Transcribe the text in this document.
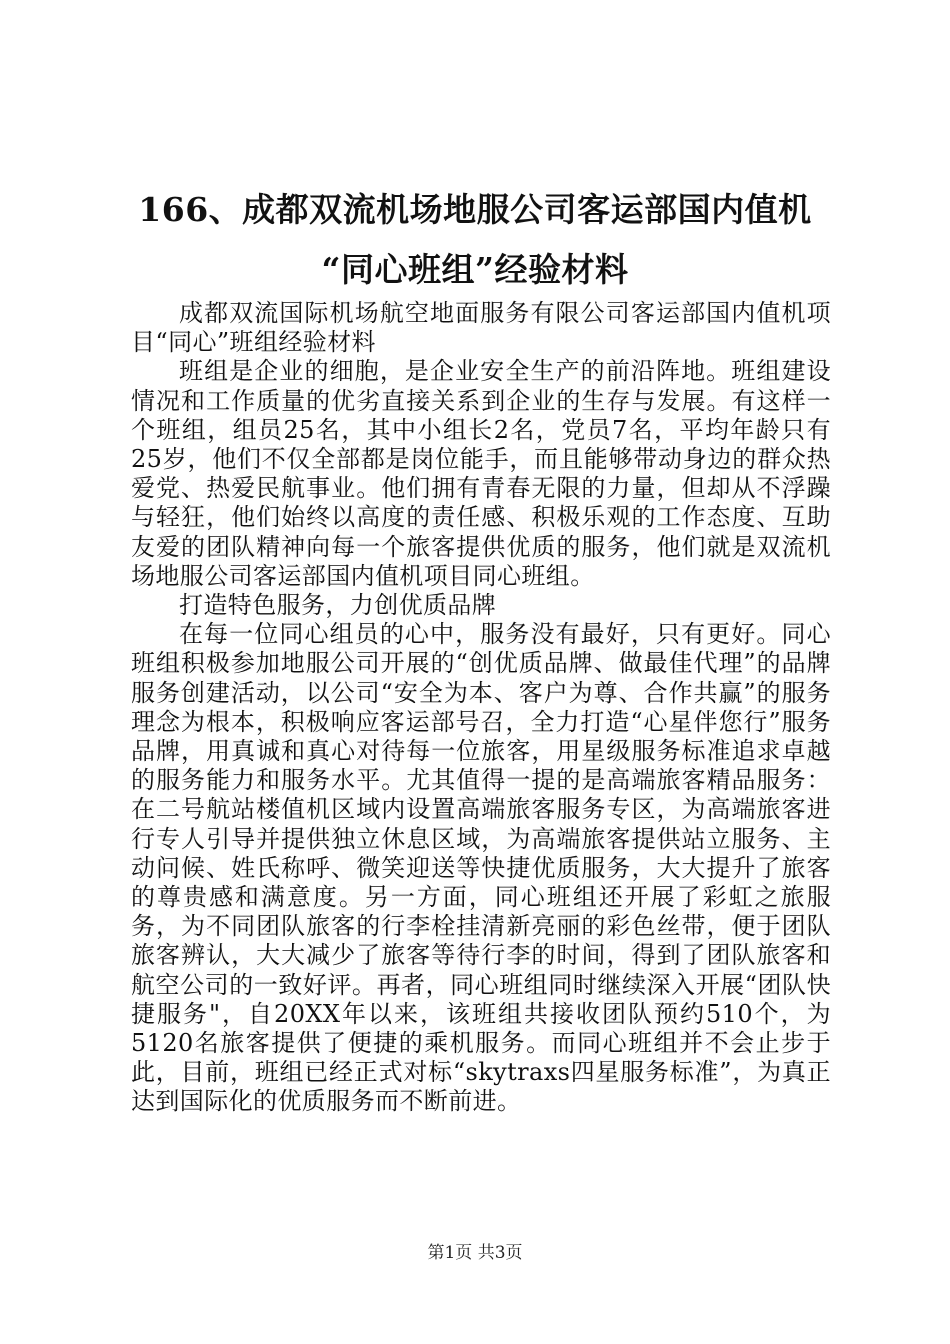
166、成都双流机场地服公司客运部国内值机
“同心班组”经验材料

成都双流国际机场航空地面服务有限公司客运部国内值机项目“同心”班组经验材料

班组是企业的细胞，是企业安全生产的前沿阵地。班组建设情况和工作质量的优劣直接关系到企业的生存与发展。有这样一个班组，组员25名，其中小组长2名，党员7名，平均年龄只有25岁，他们不仅全部都是岗位能手，而且能够带动身边的群众热爱党、热爱民航事业。他们拥有青春无限的力量，但却从不浮躁与轻狂，他们始终以高度的责任感、积极乐观的工作态度、互助友爱的团队精神向每一个旅客提供优质的服务，他们就是双流机场地服公司客运部国内值机项目同心班组。

打造特色服务，力创优质品牌

在每一位同心组员的心中，服务没有最好，只有更好。同心班组积极参加地服公司开展的“创优质品牌、做最佳代理”的品牌服务创建活动，以公司“安全为本、客户为尊、合作共赢”的服务理念为根本，积极响应客运部号召，全力打造“心星伴您行”服务品牌，用真诚和真心对待每一位旅客，用星级服务标准追求卓越的服务能力和服务水平。尤其值得一提的是高端旅客精品服务：在二号航站楼值机区域内设置高端旅客服务专区，为高端旅客进行专人引导并提供独立休息区域，为高端旅客提供站立服务、主动问候、姓氏称呼、微笑迎送等快捷优质服务，大大提升了旅客的尊贵感和满意度。另一方面，同心班组还开展了彩虹之旅服务，为不同团队旅客的行李栓挂清新亮丽的彩色丝带，便于团队旅客辨认，大大减少了旅客等待行李的时间，得到了团队旅客和航空公司的一致好评。再者，同心班组同时继续深入开展“团队快捷服务"，自20XX年以来，该班组共接收团队预约510个，为5120名旅客提供了便捷的乘机服务。而同心班组并不会止步于此，目前，班组已经正式对标“skytraxs四星服务标准”，为真正达到国际化的优质服务而不断前进。

第1页 共3页
